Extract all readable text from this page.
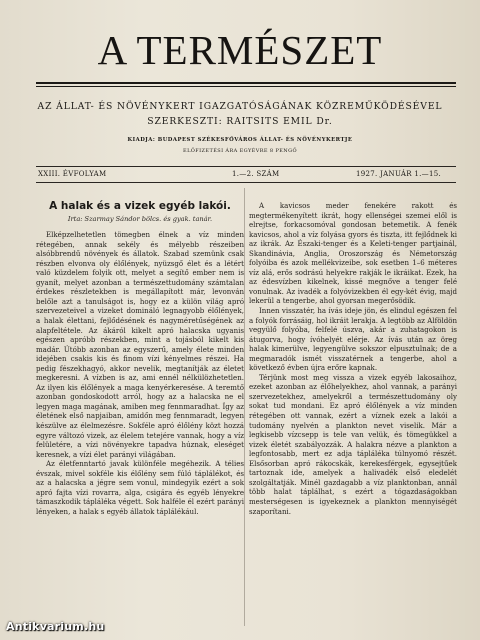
A TERMÉSZET
AZ ÁLLAT- ÉS NÖVÉNYKERT IGAZGATÓSÁGÁNAK KÖZREMŰKÖDÉSÉVEL
SZERKESZTI: RAITSITS EMIL Dr.
KIADJA: BUDAPEST SZÉKESFŐVÁROS ÁLLAT- ÉS NÖVÉNYKERTJE
ELŐFIZETÉSI ÁRA EGYÉVRE 8 PENGŐ
XXIII. ÉVFOLYAM	1.—2. SZÁM	1927. JANUÁR 1.—15.
A halak és a vizek egyéb lakói.
Irta: Szarmay Sándor bölcs. és gyak. tanár.

Elképzelhetetlen tömegben élnek a víz minden rétegében, annak sekély és mélyebb részeiben alsóbbrendű növények és állatok. Szabad szemünk csak részben elvonva oly élőlények, nyüzsgő élet és a létért való küzdelem folyik ott, melyet a segítő ember nem is gyanít, melyet azonban a természettudomány számtalan érdekes részletekben is megállapított már, levonván belőle azt a tanulságot is, hogy ez a külön világ apró szervezeteivel a vizeket domináló legnagyobb élőlények, a halak élettani, fejlődésének és nagyméretűségének az alapfeltétele. Az ákáról kikelt apró halacska ugyanis egészen apróbb részekben, mint a tojásból kikelt kis madár. Útóbb azonban az egyszerű, amely élete minden idejében csakis kis és finom vízi kényelmes részei. Ha pedig fészekhagyó, akkor nevelik, megtanítják az életet megkeresni. A vízben is az, ami ennél nélkülözhetetlen. Az ilyen kis élőlények a maga kenyérkeresése. A teremtő azonban gondoskodott arról, hogy az a halacska ne el legyen maga magának, amiben meg fennmaradhat. Így az életének első napjaiban, amidőn meg fennmaradt, legyen készülve az élelmezésre. Sokféle apró élőlény közt hozzá egyre változó vizek, az élelem tetejére vannak, hogy a víz felületére, a vízi növényekre tapadva húznak, eleséget keresnek, a vízi élet parányi világában.

Az életfenntartó javak különféle megéhezik. A télies évszak, mivel sokféle kis élőlény sem fúló táplálékot, és az a halacska a jégre sem vonul, mindegyik ezért a sok apró fajta vízi rovarra, alga, csigára és egyéb lényekre támaszkodik tápláléka végett. Sok halféle él ezért parányi lényeken, a halak s egyéb állatok táplálékául.

A kavicsos meder fenekére rakott és megtermékenyített ikrát, hogy ellenségei szemei elől is elrejtse, forkacsomóval gondosan betemetik. A fenék kavicsos, ahol a víz folyása gyors és tiszta, itt fejlődnek ki az ikrák. Az Északi-tenger és a Keleti-tenger partjainál, Skandinávia, Anglia, Oroszország és Németország folyóiba és azok mellékvizeibe, sok esetben 1–6 méteres víz alá, erős sodrású helyekre rakják le ikráikat. Ezek, ha az édesvízben kikelnek, kissé megnőve a tenger felé vonulnak. Az ivadék a folyóvizekben él egy-két évig, majd lekerül a tengerbe, ahol gyorsan megerősödik.

Innen visszatér, ha ívás ideje jön, és elindul egészen fel a folyók forrásáig, hol ikráit lerakja. A legtöbb az Alföldön vegyülő folyóba, felfelé úszva, akár a zuhatagokon is átugorva, hogy ívóhelyét elérje. Az ívás után az öreg halak kimerülve, legyengülve sokszor elpusztulnak; de a megmaradók ismét visszatérnek a tengerbe, ahol a következő évben újra erőre kapnak.

Térjünk most meg vissza a vizek egyéb lakosaihoz, ezeket azonban az élőhelyekhez, ahol vannak, a parányi szervezetekhez, amelyekről a természettudomány oly sokat tud mondani. Ez apró élőlények a víz minden rétegében ott vannak, ezért a víznek ezek a lakói a tudomány nyelvén a plankton nevet viselik. Már a legkisebb vízcsepp is tele van velük, és tömegükkel a vizek életét szabályozzák. A halakra nézve a plankton a legfontosabb, mert ez adja tápláléka túlnyomó részét. Elsősorban apró rákocskák, kerekesférgek, egysejtűek tartoznak ide, amelyek a halivadék első eledelét szolgáltatják. Minél gazdagabb a víz planktonban, annál több halat táplálhat, s ezért a tógazdaságokban mesterségesen is igyekeznek a plankton mennyiségét szaporítani.

Antikvarium.hu
